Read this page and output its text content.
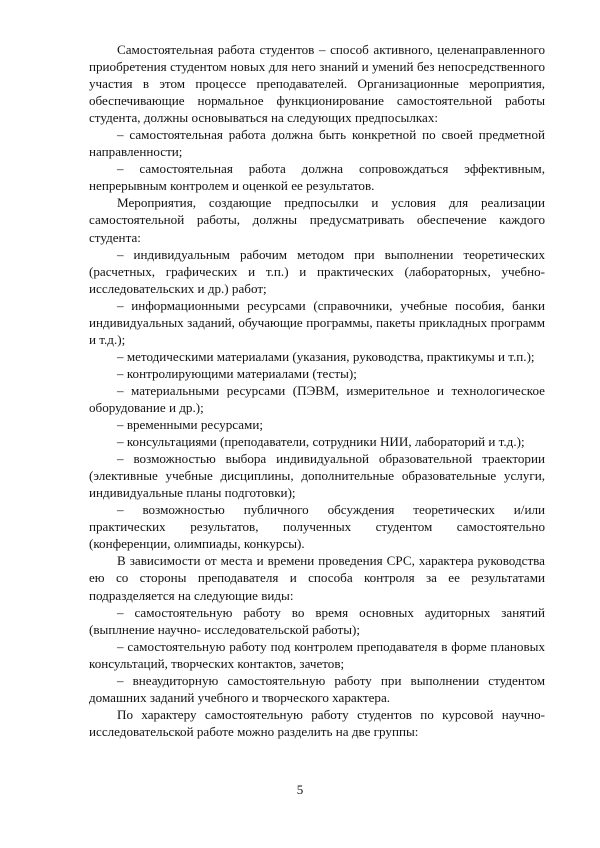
Самостоятельная работа студентов – способ активного, целенаправленного приобретения студентом новых для него знаний и умений без непосредственного участия в этом процессе преподавателей. Организационные мероприятия, обеспечивающие нормальное функционирование самостоятельной работы студента, должны основываться на следующих предпосылках:

– самостоятельная работа должна быть конкретной по своей предметной направленности;

– самостоятельная работа должна сопровождаться эффективным, непрерывным контролем и оценкой ее результатов.

Мероприятия, создающие предпосылки и условия для реализации самостоятельной работы, должны предусматривать обеспечение каждого студента:

– индивидуальным рабочим методом при выполнении теоретических (расчетных, графических и т.п.) и практических (лабораторных, учебно-исследовательских и др.) работ;

– информационными ресурсами (справочники, учебные пособия, банки индивидуальных заданий, обучающие программы, пакеты прикладных программ и т.д.);

– методическими материалами (указания, руководства, практикумы и т.п.);

– контролирующими материалами (тесты);

– материальными ресурсами (ПЭВМ, измерительное и технологическое оборудование и др.);

– временными ресурсами;

– консультациями (преподаватели, сотрудники НИИ, лабораторий и т.д.);

– возможностью выбора индивидуальной образовательной траектории (элективные учебные дисциплины, дополнительные образовательные услуги, индивидуальные планы подготовки);

– возможностью публичного обсуждения теоретических и/или практических результатов, полученных студентом самостоятельно (конференции, олимпиады, конкурсы).

В зависимости от места и времени проведения СРС, характера руководства ею со стороны преподавателя и способа контроля за ее результатами подразделяется на следующие виды:

– самостоятельную работу во время основных аудиторных занятий (выплнение научно- исследовательской работы);

– самостоятельную работу под контролем преподавателя в форме плановых консультаций, творческих контактов, зачетов;

– внеаудиторную самостоятельную работу при выполнении студентом домашних заданий учебного и творческого характера.

По характеру самостоятельную работу студентов по курсовой научно-исследовательской работе можно разделить на две группы:

5
